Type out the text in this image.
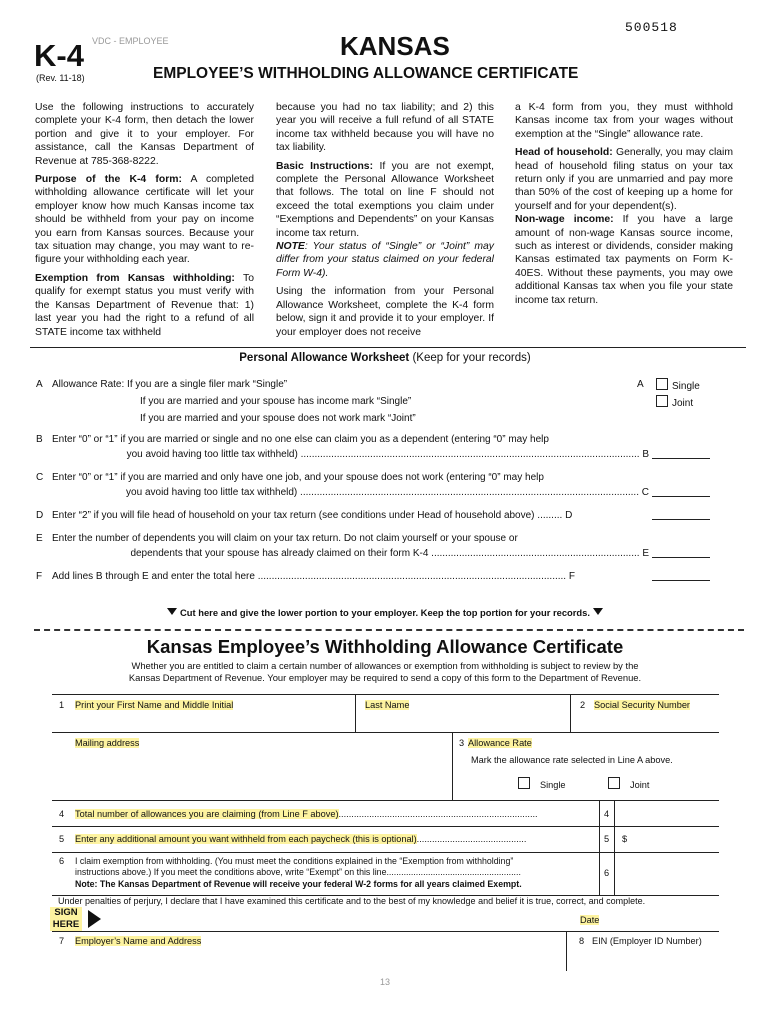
500518
K-4 VDC - EMPLOYEE
(Rev. 11-18)
KANSAS
EMPLOYEE’S WITHHOLDING ALLOWANCE CERTIFICATE

Use the following instructions to accurately complete your K-4 form, then detach the lower portion and give it to your employer. For assistance, call the Kansas Department of Revenue at 785-368-8222.

Purpose of the K-4 form: A completed withholding allowance certificate will let your employer know how much Kansas income tax should be withheld from your pay on income you earn from Kansas sources. Because your tax situation may change, you may want to re-figure your withholding each year.

Exemption from Kansas withholding: To qualify for exempt status you must verify with the Kansas Department of Revenue that: 1) last year you had the right to a refund of all STATE income tax withheld

because you had no tax liability; and 2) this year you will receive a full refund of all STATE income tax withheld because you will have no tax liability.

Basic Instructions: If you are not exempt, complete the Personal Allowance Worksheet that follows. The total on line F should not exceed the total exemptions you claim under “Exemptions and Dependents” on your Kansas income tax return.

NOTE: Your status of “Single” or “Joint” may differ from your status claimed on your federal Form W-4).

Using the information from your Personal Allowance Worksheet, complete the K-4 form below, sign it and provide it to your employer. If your employer does not receive

a K-4 form from you, they must withhold Kansas income tax from your wages without exemption at the “Single” allowance rate.

Head of household: Generally, you may claim head of household filing status on your tax return only if you are unmarried and pay more than 50% of the cost of keeping up a home for yourself and for your dependent(s).

Non-wage income: If you have a large amount of non-wage Kansas source income, such as interest or dividends, consider making Kansas estimated tax payments on Form K-40ES. Without these payments, you may owe additional Kansas tax when you file your state income tax return.

Personal Allowance Worksheet (Keep for your records)
A Allowance Rate: If you are a single filer mark “Single”
If you are married and your spouse has income mark “Single”
If you are married and your spouse does not work mark “Joint”
A	Single
Joint
B Enter “0” or “1” if you are married or single and no one else can claim you as a dependent (entering “0” may help
you avoid having too little tax withheld) .......................................................................................................................... B
C Enter “0” or “1” if you are married and only have one job, and your spouse does not work (entering “0” may help
you avoid having too little tax withheld) .......................................................................................................................... C
D Enter “2” if you will file head of household on your tax return (see conditions under Head of household above) ......... D
E Enter the number of dependents you will claim on your tax return. Do not claim yourself or your spouse or
dependents that your spouse has already claimed on their form K-4 ........................................................................... E
F Add lines B through E and enter the total here ............................................................................................................... F
Cut here and give the lower portion to your employer. Keep the top portion for your records.
Kansas Employee’s Withholding Allowance Certificate
Whether you are entitled to claim a certain number of allowances or exemption from withholding is subject to review by the
Kansas Department of Revenue. Your employer may be required to send a copy of this form to the Department of Revenue.
1 Print your First Name and Middle Initial	Last Name	2 Social Security Number
Mailing address	3 Allowance Rate
Mark the allowance rate selected in Line A above.
Single	Joint
4 Total number of allowances you are claiming (from Line F above)..............................................................................	4
5 Enter any additional amount you want withheld from each paycheck (this is optional)...........................................	5 $
6 I claim exemption from withholding. (You must meet the conditions explained in the “Exemption from withholding”
instructions above.) If you meet the conditions above, write “Exempt” on this line.......................................................
Note: The Kansas Department of Revenue will receive your federal W-2 forms for all years claimed Exempt.
6
Under penalties of perjury, I declare that I have examined this certificate and to the best of my knowledge and belief it is true, correct, and complete.
SIGN HERE	Date
7 Employer’s Name and Address	8 EIN (Employer ID Number)
13
